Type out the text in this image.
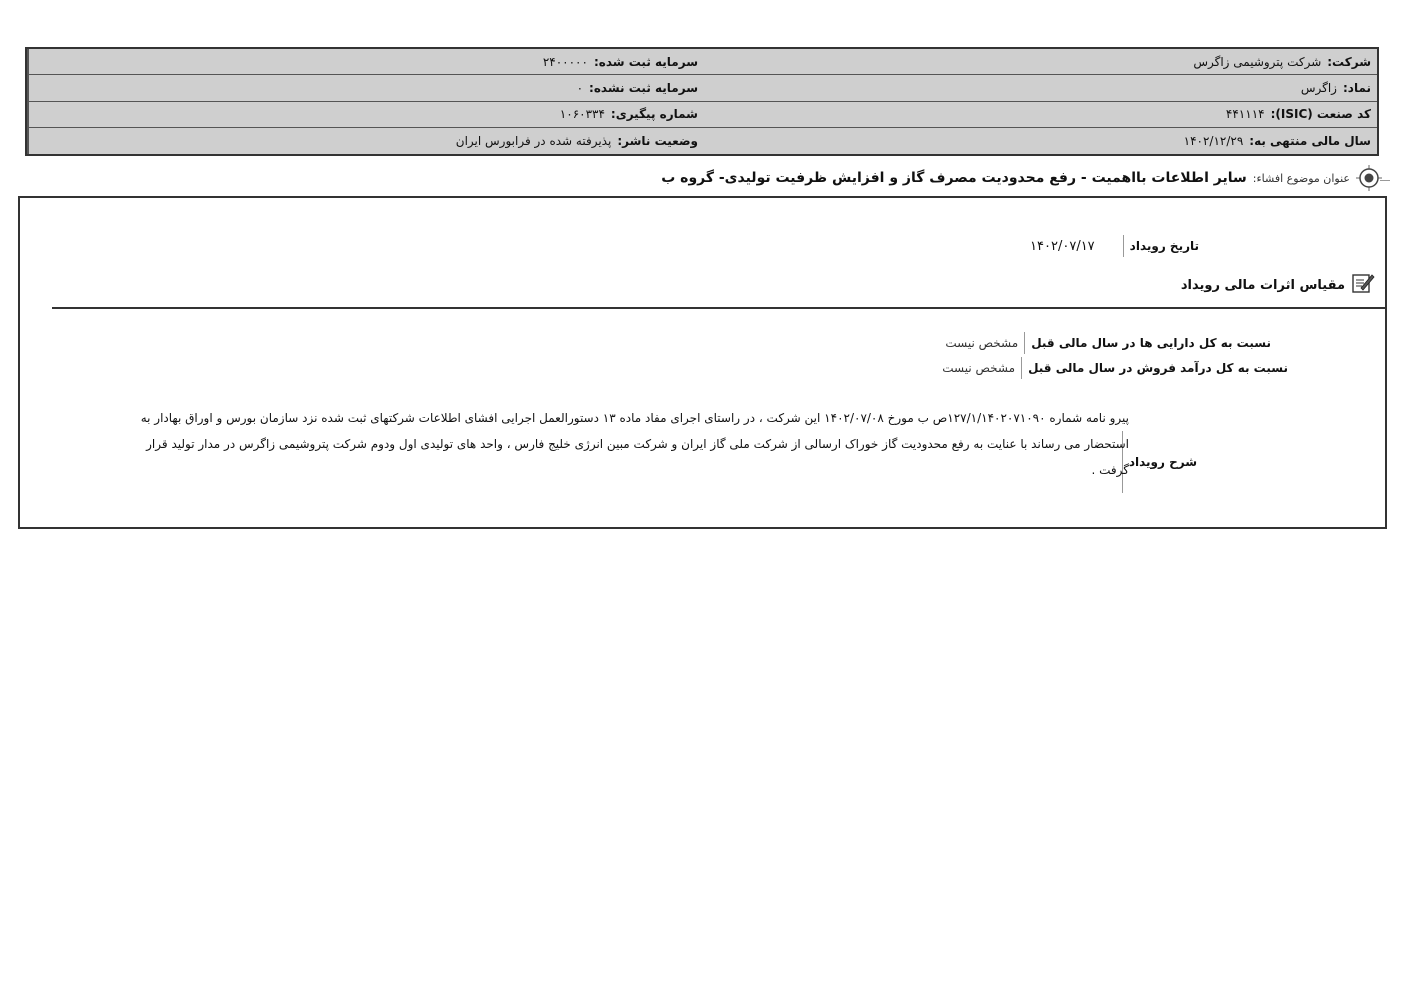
شرکت:
شرکت پتروشیمی زاگرس
سرمایه ثبت شده:
۲۴۰۰۰۰۰
نماد:
زاگرس
سرمایه ثبت نشده:
۰
کد صنعت (ISIC):
۴۴۱۱۱۴
شماره پیگیری:
۱۰۶۰۳۳۴
سال مالی منتهی به:
۱۴۰۲/۱۲/۲۹
وضعیت ناشر:
پذیرفته شده در فرابورس ایران
عنوان موضوع افشاء:
سایر اطلاعات بااهمیت - رفع محدودیت مصرف گاز و افزایش ظرفیت تولیدی- گروه ب
تاریخ رویداد
۱۴۰۲/۰۷/۱۷
مقیاس اثرات مالی رویداد
نسبت به کل دارایی ها در سال مالی قبل
مشخص نیست
نسبت به کل درآمد فروش در سال مالی قبل
مشخص نیست
شرح رویداد
پیرو نامه شماره ۱۲۷/۱/۱۴۰۲۰۷۱۰۹۰ص ب مورخ ۱۴۰۲/۰۷/۰۸ این شرکت ، در راستای اجرای مفاد ماده ۱۳ دستورالعمل اجرایی افشای اطلاعات شرکتهای ثبت شده نزد سازمان بورس و اوراق بهادار به استحضار می رساند با عنایت به رفع محدودیت گاز خوراک ارسالی از شرکت ملی گاز ایران و شرکت مبین انرژی خلیج فارس ، واحد های تولیدی اول ودوم شرکت پتروشیمی زاگرس در مدار تولید قرار گرفت .
